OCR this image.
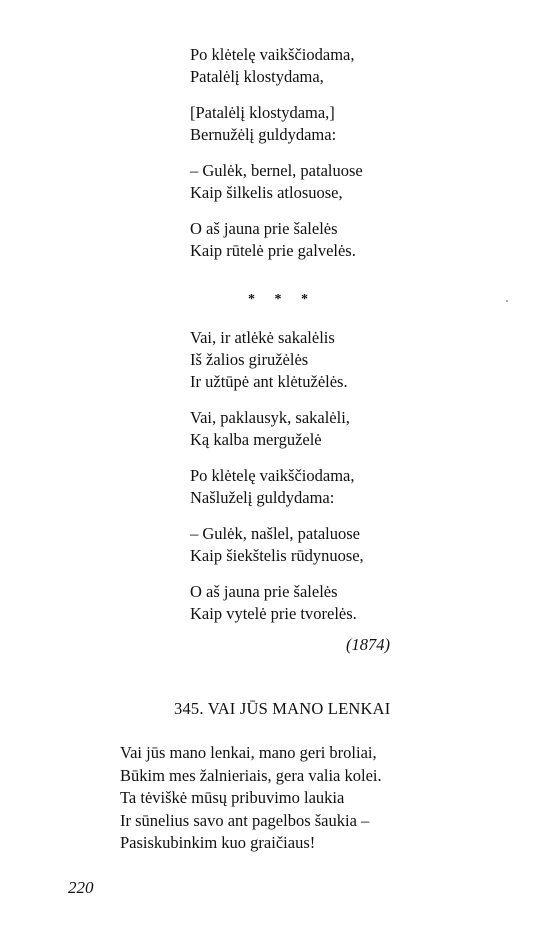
Po klėtelę vaikščiodama,
Patalėlį klostydama,
[Patalėlį klostydama,]
Bernužėlį guldydama:
– Gulėk, bernel, pataluose
Kaip šilkelis atlosuose,
O aš jauna prie šalelės
Kaip rūtelė prie galvelės.
* * *
Vai, ir atlėkė sakalėlis
Iš žalios giružėlės
Ir užtūpė ant klėtužėlės.
Vai, paklausyk, sakalėli,
Ką kalba merguželė
Po klėtelę vaikščiodama,
Našluželį guldydama:
– Gulėk, našlel, pataluose
Kaip šiekštelis rūdynuose,
O aš jauna prie šalelės
Kaip vytelė prie tvorelės.
(1874)
345. VAI JŪS MANO LENKAI
Vai jūs mano lenkai, mano geri broliai,
Būkim mes žalnieriais, gera valia kolei.
Ta tėviškė mūsų pribuvimo laukia
Ir sūnelius savo ant pagelbos šaukia –
Pasiskubinkim kuo graičiaus!
220
